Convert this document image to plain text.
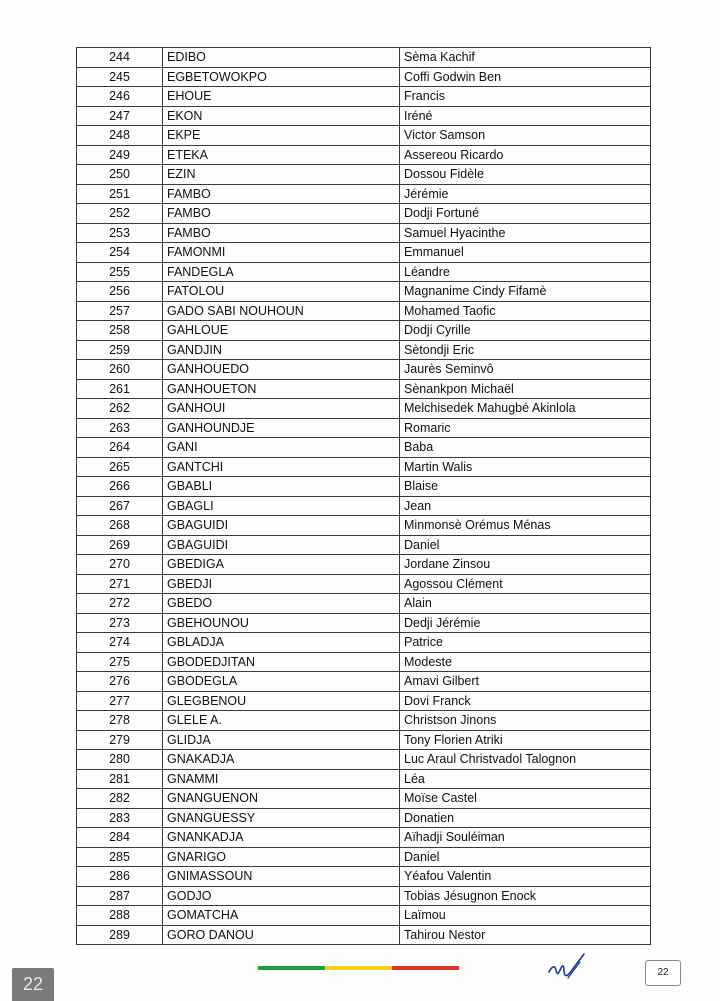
244	EDIBO	Sèma Kachif
245	EGBETOWOKPO	Coffi Godwin Ben
246	EHOUE	Francis
247	EKON	Iréné
248	EKPE	Victor Samson
249	ETEKA	Assereou Ricardo
250	EZIN	Dossou Fidèle
251	FAMBO	Jérémie
252	FAMBO	Dodji Fortuné
253	FAMBO	Samuel Hyacinthe
254	FAMONMI	Emmanuel
255	FANDEGLA	Léandre
256	FATOLOU	Magnanime Cindy Fifamè
257	GADO SABI NOUHOUN	Mohamed Taofic
258	GAHLOUE	Dodji Cyrille
259	GANDJIN	Sètondji Eric
260	GANHOUEDO	Jaurès Seminvô
261	GANHOUETON	Sènankpon Michaël
262	GANHOUI	Melchisedek Mahugbé Akinlola
263	GANHOUNDJE	Romaric
264	GANI	Baba
265	GANTCHI	Martin Walis
266	GBABLI	Blaise
267	GBAGLI	Jean
268	GBAGUIDI	Minmonsè Orémus Ménas
269	GBAGUIDI	Daniel
270	GBEDIGA	Jordane Zinsou
271	GBEDJI	Agossou Clément
272	GBEDO	Alain
273	GBEHOUNOU	Dedji Jérémie
274	GBLADJA	Patrice
275	GBODEDJITAN	Modeste
276	GBODEGLA	Amavi Gilbert
277	GLEGBENOU	Dovi Franck
278	GLELE A.	Christson Jinons
279	GLIDJA	Tony Florien Atriki
280	GNAKADJA	Luc Araul Christvadol Talognon
281	GNAMMI	Léa
282	GNANGUENON	Moïse Castel
283	GNANGUESSY	Donatien
284	GNANKADJA	Aïhadji Souléiman
285	GNARIGO	Daniel
286	GNIMASSOUN	Yéafou Valentin
287	GODJO	Tobias Jésugnon Enock
288	GOMATCHA	Laïmou
289	GORO DANOU	Tahirou Nestor
22
22
